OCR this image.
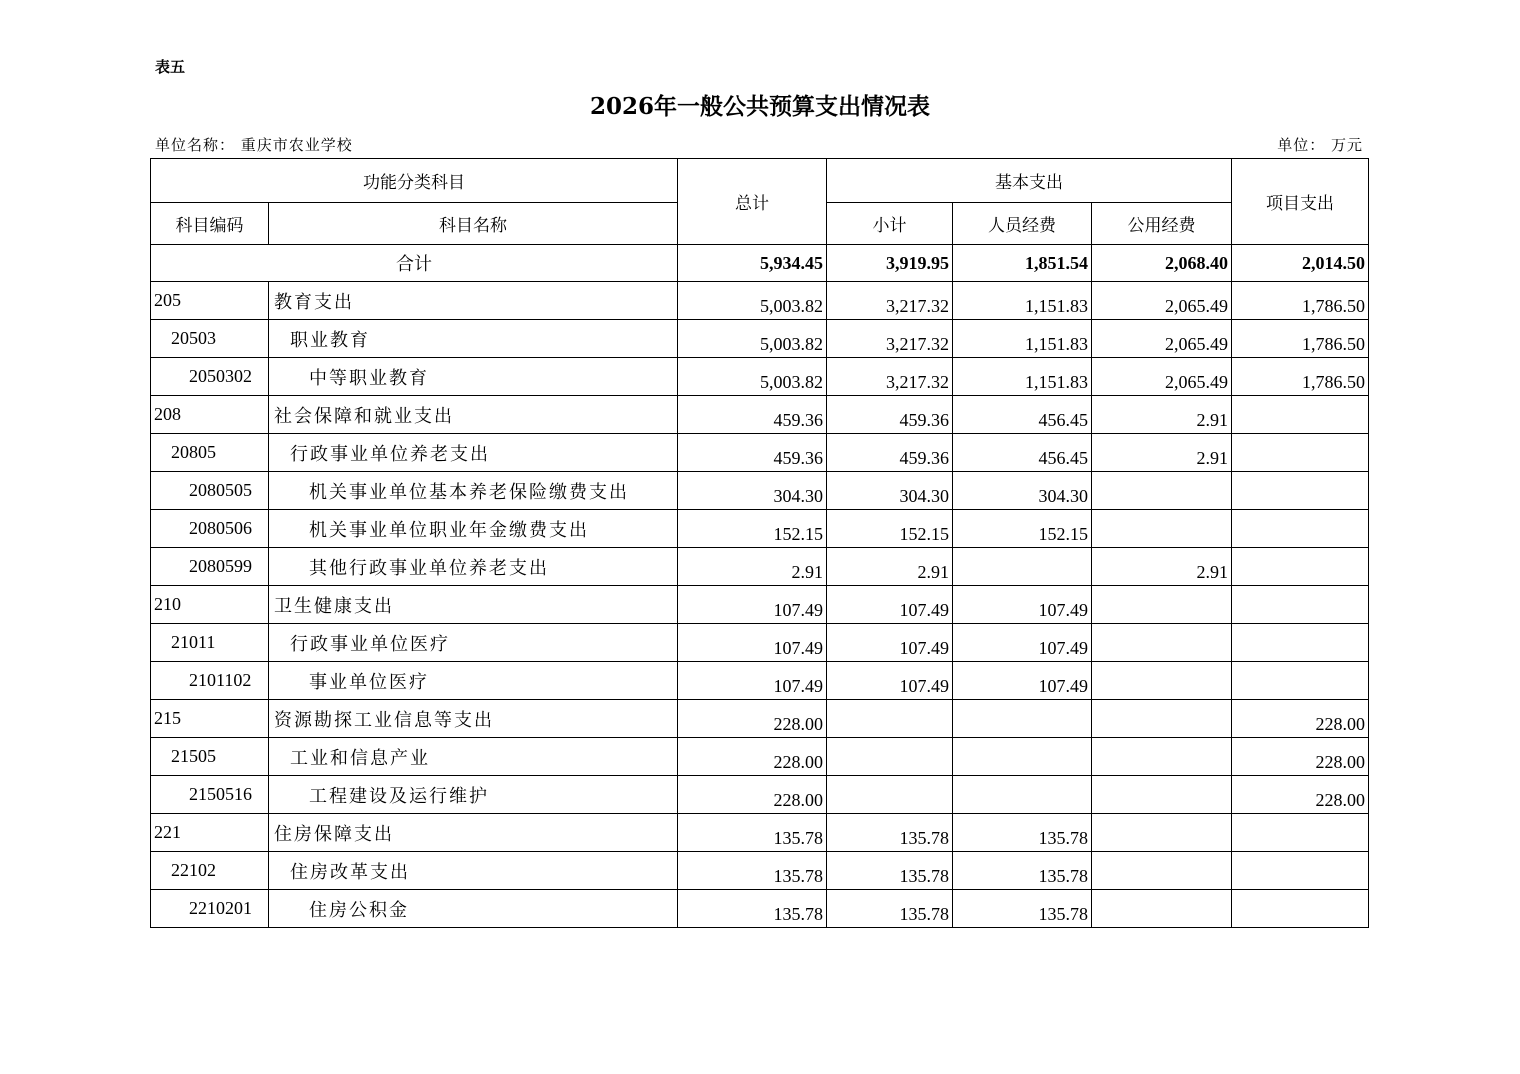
表五
2026年一般公共预算支出情况表
单位名称： 重庆市农业学校	单位： 万元
功能分类科目		总计	基本支出			项目支出
科目编码	科目名称		小计	人员经费	公用经费	
合计		5,934.45	3,919.95	1,851.54	2,068.40	2,014.50
205	教育支出	5,003.82	3,217.32	1,151.83	2,065.49	1,786.50
20503	职业教育	5,003.82	3,217.32	1,151.83	2,065.49	1,786.50
2050302	中等职业教育	5,003.82	3,217.32	1,151.83	2,065.49	1,786.50
208	社会保障和就业支出	459.36	459.36	456.45	2.91	
20805	行政事业单位养老支出	459.36	459.36	456.45	2.91	
2080505	机关事业单位基本养老保险缴费支出	304.30	304.30	304.30		
2080506	机关事业单位职业年金缴费支出	152.15	152.15	152.15		
2080599	其他行政事业单位养老支出	2.91	2.91		2.91	
210	卫生健康支出	107.49	107.49	107.49		
21011	行政事业单位医疗	107.49	107.49	107.49		
2101102	事业单位医疗	107.49	107.49	107.49		
215	资源勘探工业信息等支出	228.00				228.00
21505	工业和信息产业	228.00				228.00
2150516	工程建设及运行维护	228.00				228.00
221	住房保障支出	135.78	135.78	135.78		
22102	住房改革支出	135.78	135.78	135.78		
2210201	住房公积金	135.78	135.78	135.78		
